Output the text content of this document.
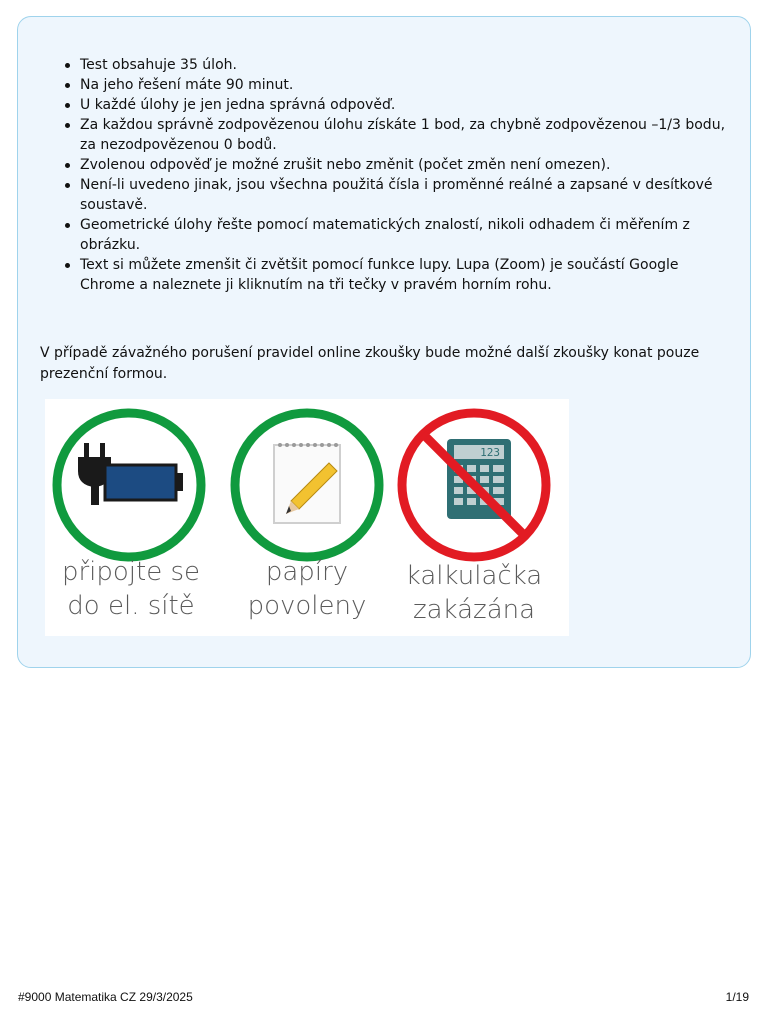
Test obsahuje 35 úloh.
Na jeho řešení máte 90 minut.
U každé úlohy je jen jedna správná odpověď.
Za každou správně zodpovězenou úlohu získáte 1 bod, za chybně zodpovězenou –1/3 bodu, za nezodpovězenou 0 bodů.
Zvolenou odpověď je možné zrušit nebo změnit (počet změn není omezen).
Není-li uvedeno jinak, jsou všechna použitá čísla i proměnné reálné a zapsané v desítkové soustavě.
Geometrické úlohy řešte pomocí matematických znalostí, nikoli odhadem či měřením z obrázku.
Text si můžete zmenšit či zvětšit pomocí funkce lupy. Lupa (Zoom) je součástí Google Chrome a naleznete ji kliknutím na tři tečky v pravém horním rohu.

V případě závažného porušení pravidel online zkoušky bude možné další zkoušky konat pouze prezenční formou.

123
připojte se
do el. sítě
papíry
povoleny
kalkulačka
zakázána
#9000 Matematika CZ 29/3/2025	1/19
